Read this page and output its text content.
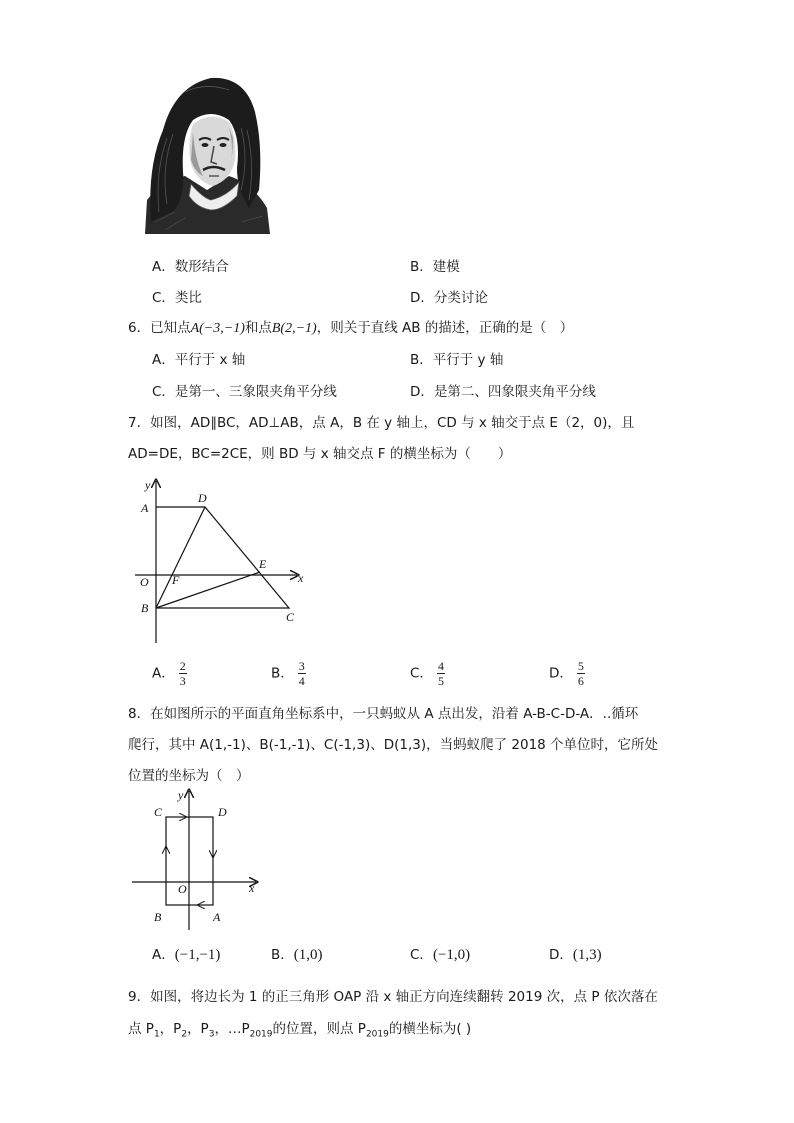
A．数形结合	B．建模
C．类比	D．分类讨论
6．已知点A(−3,−1)和点B(2,−1)，则关于直线 AB 的描述，正确的是（　）
A．平行于 x 轴	B．平行于 y 轴
C．是第一、三象限夹角平分线	D．是第二、四象限夹角平分线
7．如图，AD∥BC，AD⊥AB，点 A，B 在 y 轴上，CD 与 x 轴交于点 E（2，0)，且
AD=DE，BC=2CE，则 BD 与 x 轴交点 F 的横坐标为（　　）
y
x
A
D
O F
E
B
C
A． $\frac{2}{3}$	B． $\frac{3}{4}$	C． $\frac{4}{5}$	D． $\frac{5}{6}$
8．在如图所示的平面直角坐标系中，一只蚂蚁从 A 点出发，沿着 A-B-C-D-A．..循环
爬行，其中 A(1,-1)、B(-1,-1)、C(-1,3)、D(1,3)，当蚂蚁爬了 2018 个单位时，它所处
位置的坐标为（　）
y
x
C	D
O
B	A
A．(−1,−1)	B．(1,0)	C．(−1,0)	D．(1,3)
9．如图，将边长为 1 的正三角形 OAP 沿 x 轴正方向连续翻转 2019 次，点 P 依次落在
点 $P_1$，$P_2$，$P_3$，$\dots P_{2019}$的位置，则点 $P_{2019}$的横坐标为( )
